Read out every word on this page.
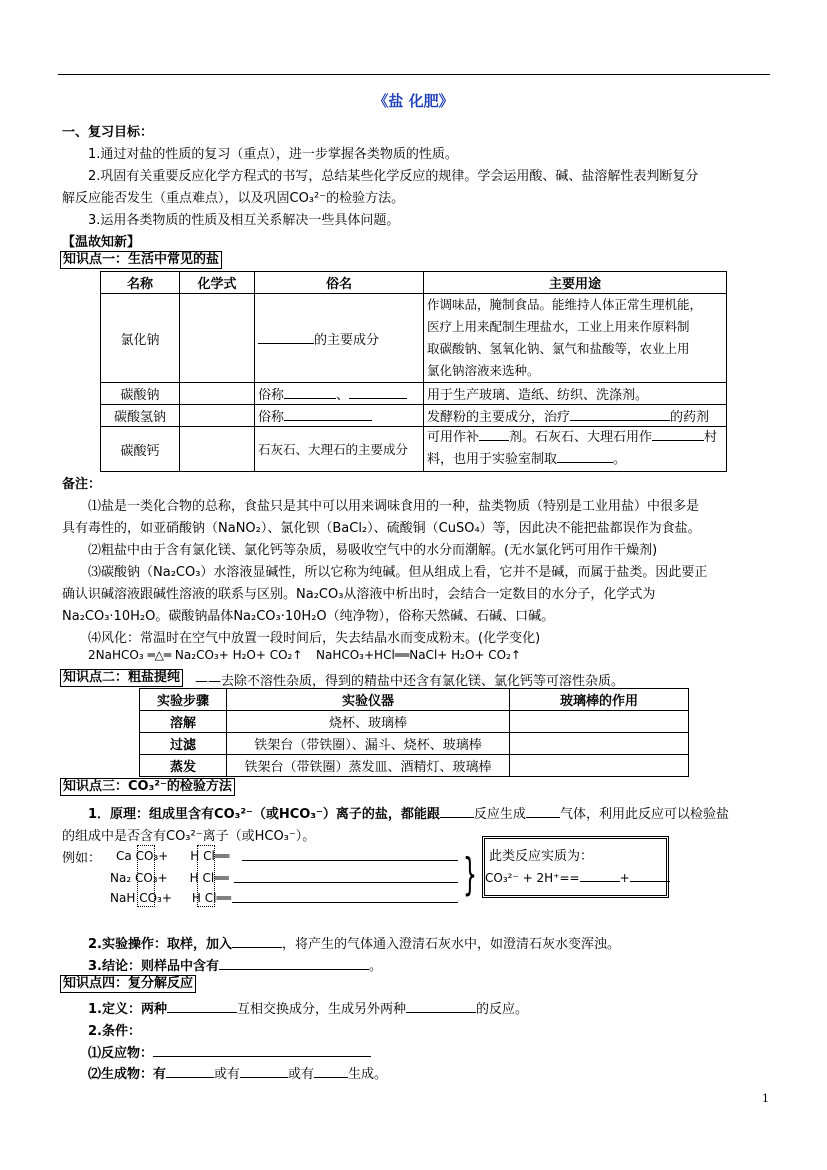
《盐 化肥》
一、复习目标：
1.通过对盐的性质的复习（重点），进一步掌握各类物质的性质。
2.巩固有关重要反应化学方程式的书写，总结某些化学反应的规律。学会运用酸、碱、盐溶解性表判断复分
解反应能否发生（重点难点），以及巩固CO₃²⁻的检验方法。
3.运用各类物质的性质及相互关系解决一些具体问题。
【温故知新】
知识点一：生活中常见的盐
名称	化学式	俗名	主要用途
氯化钠		的主要成分	作调味品，腌制食品。能维持人体正常生理机能，
医疗上用来配制生理盐水，工业上用来作原料制
取碳酸钠、氢氧化钠、氯气和盐酸等，农业上用
氯化钠溶液来选种。

碳酸钠		俗称 、	用于生产玻璃、造纸、纺织、洗涤剂。
碳酸氢钠		俗称	发酵粉的主要成分，治疗 的药剂
碳酸钙		石灰石、大理石的主要成分	可用作补 剂。石灰石、大理石用作 村
料，也用于实验室制取 。
备注：
⑴盐是一类化合物的总称，食盐只是其中可以用来调味食用的一种，盐类物质（特别是工业用盐）中很多是
具有毒性的，如亚硝酸钠（NaNO₂）、氯化钡（BaCl₂）、硫酸铜（CuSO₄）等，因此决不能把盐都误作为食盐。
⑵粗盐中由于含有氯化镁、氯化钙等杂质，易吸收空气中的水分而潮解。(无水氯化钙可用作干燥剂)
⑶碳酸钠（Na₂CO₃）水溶液显碱性，所以它称为纯碱。但从组成上看，它并不是碱，而属于盐类。因此要正
确认识碱溶液跟碱性溶液的联系与区别。Na₂CO₃从溶液中析出时，会结合一定数目的水分子，化学式为
Na₂CO₃·10H₂O。碳酸钠晶体Na₂CO₃·10H₂O（纯净物），俗称天然碱、石碱、口碱。
⑷风化：常温时在空气中放置一段时间后，失去结晶水而变成粉末。(化学变化)
2NaHCO₃ ═△═ Na₂CO₃+ H₂O+ CO₂↑ NaHCO₃+HCl══NaCl+ H₂O+ CO₂↑
知识点二：粗盐提纯 ——去除不溶性杂质，得到的精盐中还含有氯化镁、氯化钙等可溶性杂质。
实验步骤	实验仪器	玻璃棒的作用
溶解	烧杯、玻璃棒	
过滤	铁架台（带铁圈）、漏斗、烧杯、玻璃棒	
蒸发	铁架台（带铁圈）蒸发皿、酒精灯、玻璃棒	
知识点三：CO₃²⁻的检验方法
1．原理：组成里含有CO₃²⁻（或HCO₃⁻）离子的盐，都能跟	反应生成	气体，利用此反应可以检验盐
的组成中是否含有CO₃²⁻离子（或HCO₃⁻）。
例如： Ca CO₃+ H Cl══
Na₂ CO₃+ H Cl══
NaH CO₃+ H Cl══	} 此类反应实质为：
CO₃²⁻ + 2H⁺==	+
2.实验操作：取样，加入	，将产生的气体通入澄清石灰水中，如澄清石灰水变浑浊。
3.结论：则样品中含有	。
知识点四：复分解反应
1.定义：两种	互相交换成分，生成另外两种	的反应。
2.条件：
⑴反应物：
⑵生成物：有	或有	或有	生成。
1
